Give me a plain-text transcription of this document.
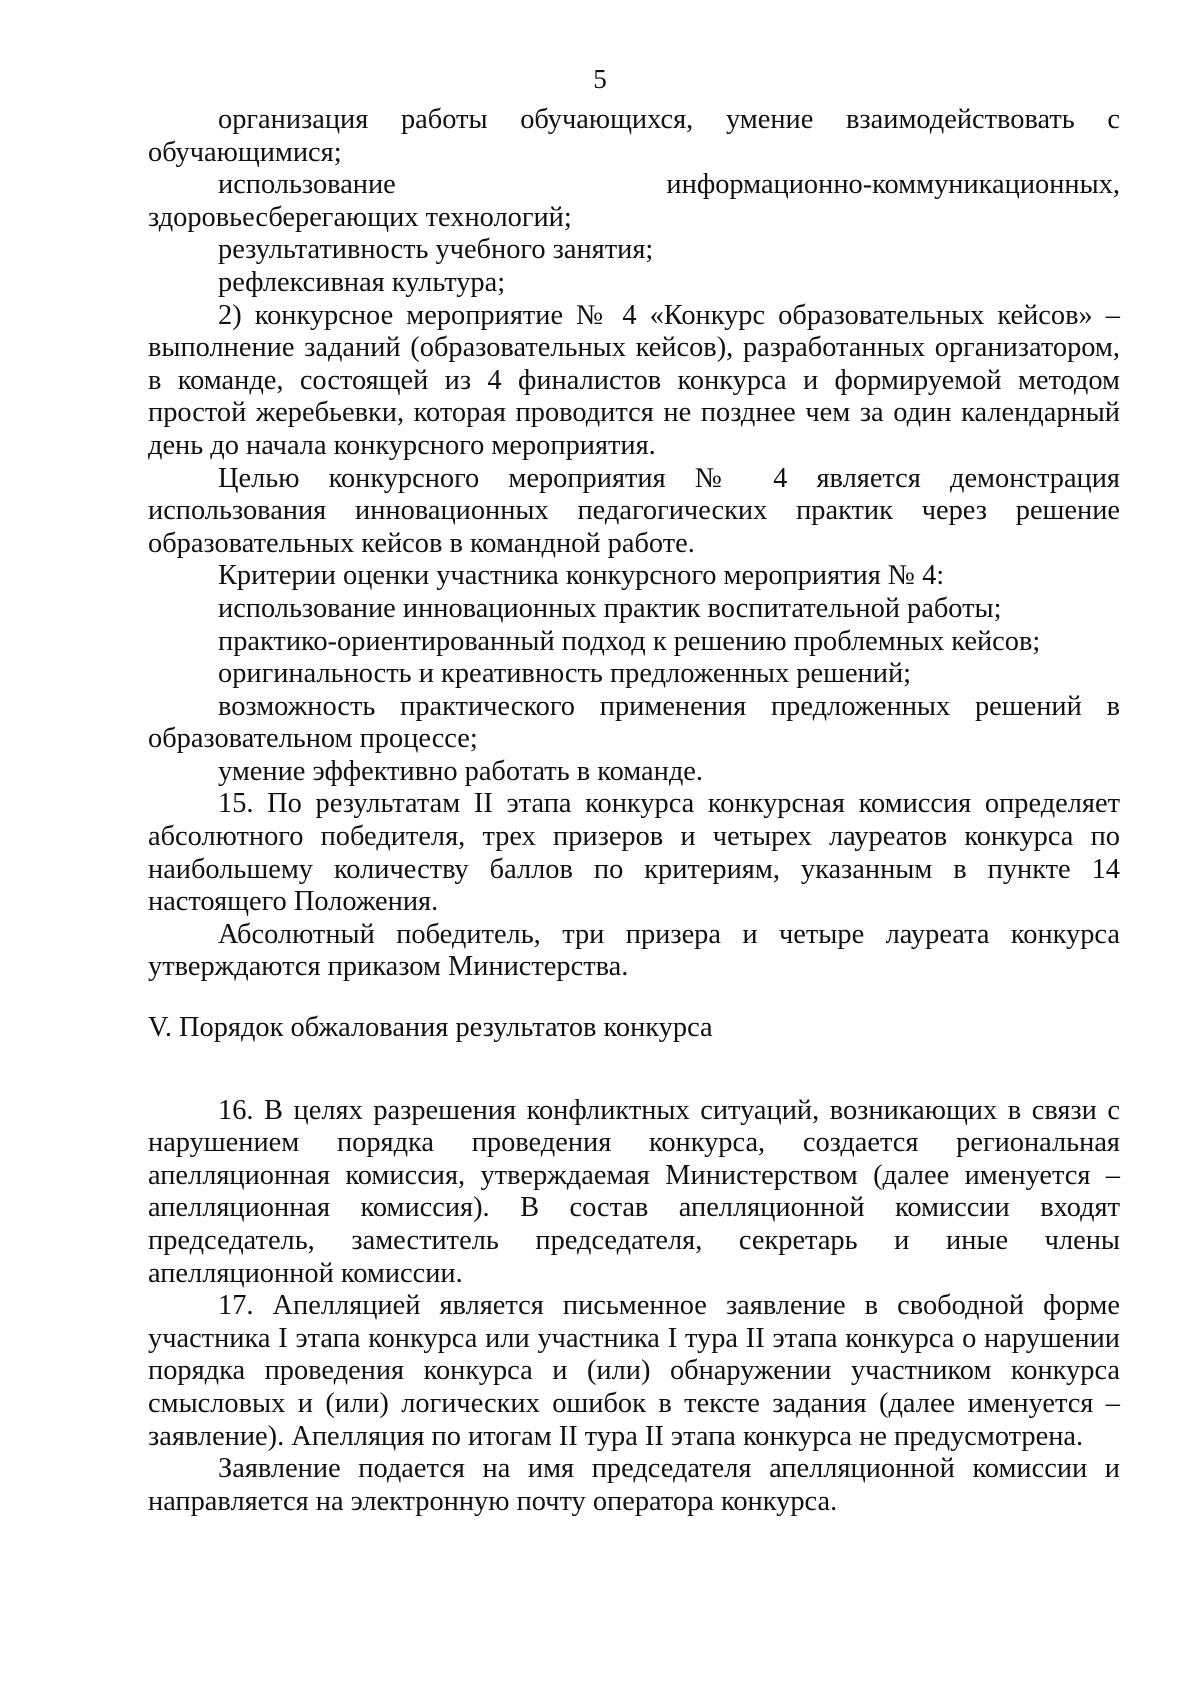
5

организация работы обучающихся, умение взаимодействовать с обучающимися;

использование информационно-коммуникационных, здоровьесберегающих технологий;

результативность учебного занятия;

рефлексивная культура;

2) конкурсное мероприятие № 4 «Конкурс образовательных кейсов» – выполнение заданий (образовательных кейсов), разработанных организатором, в команде, состоящей из 4 финалистов конкурса и формируемой методом простой жеребьевки, которая проводится не позднее чем за один календарный день до начала конкурсного мероприятия.

Целью конкурсного мероприятия № 4 является демонстрация использования инновационных педагогических практик через решение образовательных кейсов в командной работе.

Критерии оценки участника конкурсного мероприятия № 4:

использование инновационных практик воспитательной работы;

практико-ориентированный подход к решению проблемных кейсов;

оригинальность и креативность предложенных решений;

возможность практического применения предложенных решений в образовательном процессе;

умение эффективно работать в команде.

15. По результатам II этапа конкурса конкурсная комиссия определяет абсолютного победителя, трех призеров и четырех лауреатов конкурса по наибольшему количеству баллов по критериям, указанным в пункте 14 настоящего Положения.

Абсолютный победитель, три призера и четыре лауреата конкурса утверждаются приказом Министерства.

V. Порядок обжалования результатов конкурса

16. В целях разрешения конфликтных ситуаций, возникающих в связи с нарушением порядка проведения конкурса, создается региональная апелляционная комиссия, утверждаемая Министерством (далее именуется – апелляционная комиссия). В состав апелляционной комиссии входят председатель, заместитель председателя, секретарь и иные члены апелляционной комиссии.

17. Апелляцией является письменное заявление в свободной форме участника I этапа конкурса или участника I тура II этапа конкурса о нарушении порядка проведения конкурса и (или) обнаружении участником конкурса смысловых и (или) логических ошибок в тексте задания (далее именуется – заявление). Апелляция по итогам II тура II этапа конкурса не предусмотрена.

Заявление подается на имя председателя апелляционной комиссии и направляется на электронную почту оператора конкурса.
